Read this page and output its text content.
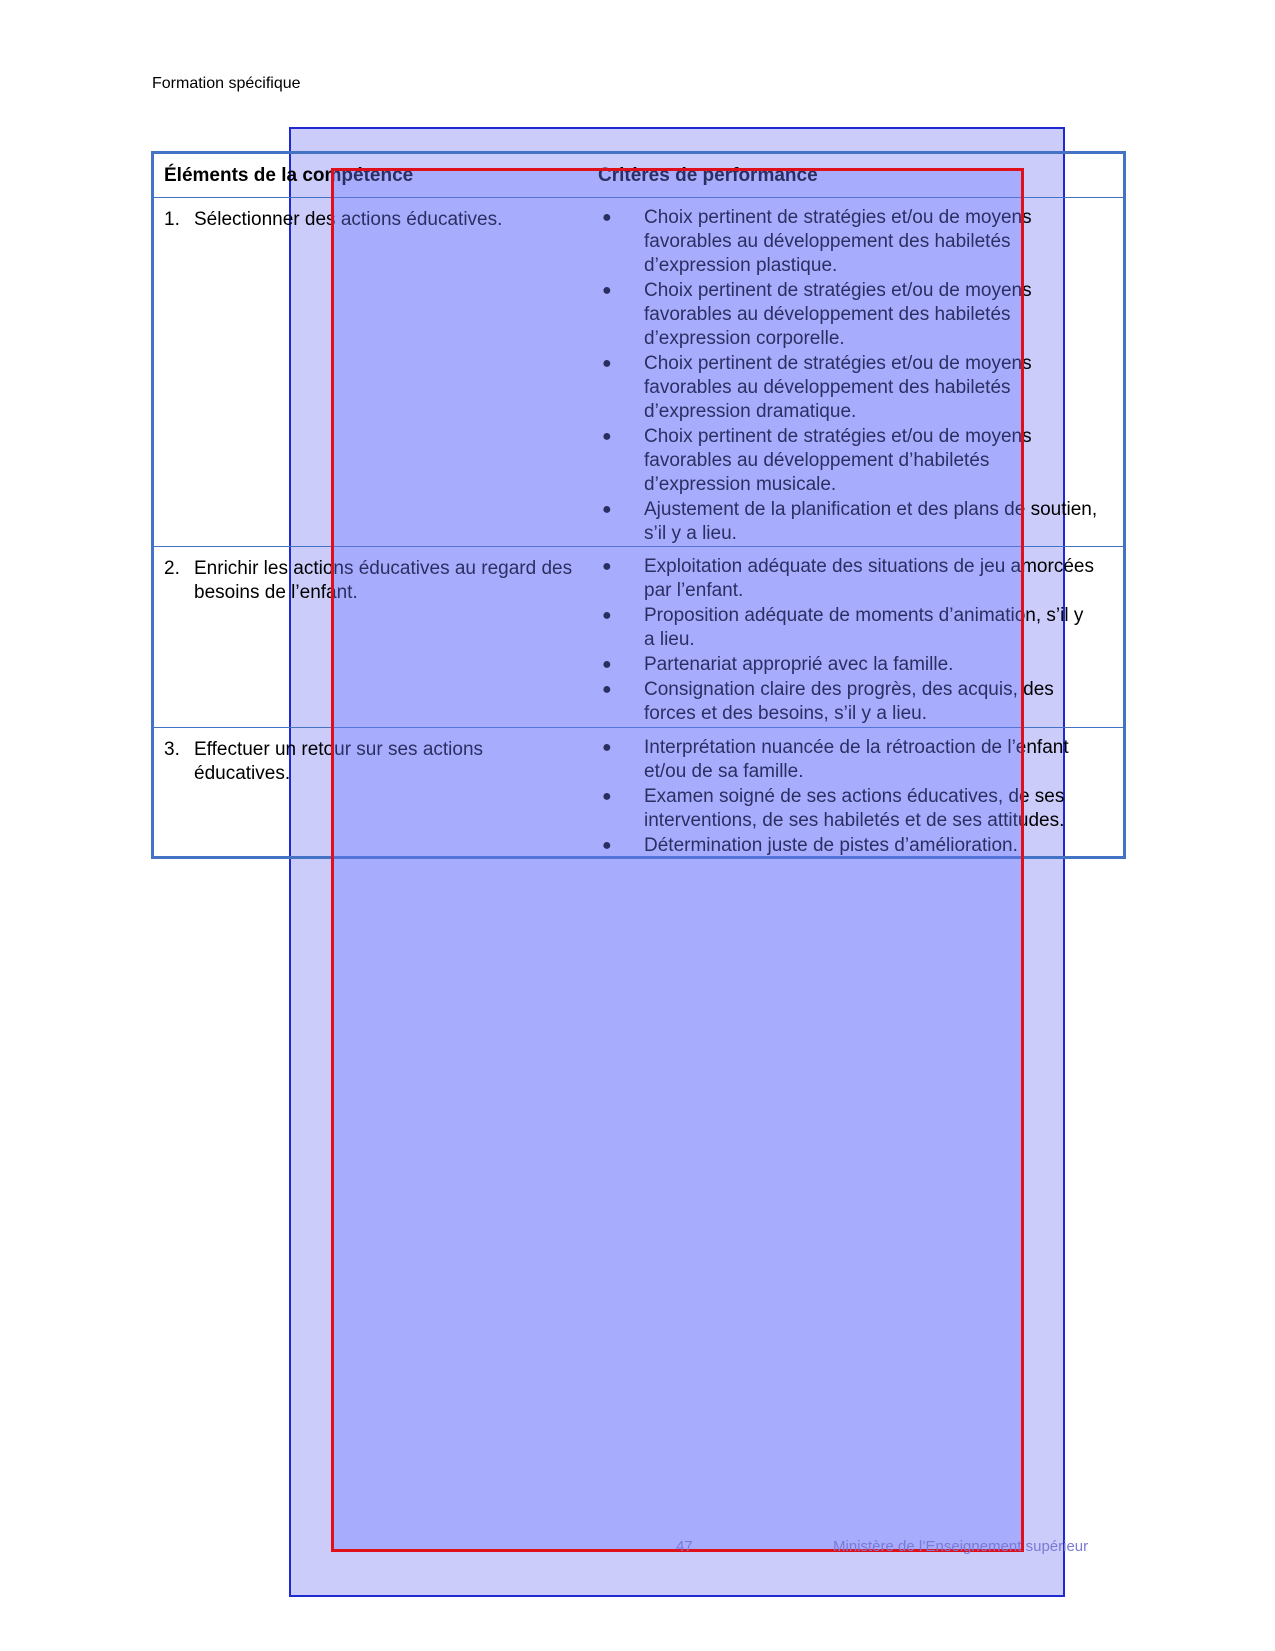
Formation spécifique
Éléments de la compétence	Critères de performance
1. Sélectionner des actions éducatives.	● Choix pertinent de stratégies et/ou de moyens favorables au développement des habiletés d’expression plastique.
● Choix pertinent de stratégies et/ou de moyens favorables au développement des habiletés d’expression corporelle.
● Choix pertinent de stratégies et/ou de moyens favorables au développement des habiletés d’expression dramatique.
● Choix pertinent de stratégies et/ou de moyens favorables au développement d’habiletés d’expression musicale.
● Ajustement de la planification et des plans de soutien, s’il y a lieu.
2. Enrichir les actions éducatives au regard des besoins de l’enfant.
● Exploitation adéquate des situations de jeu amorcées par l’enfant.
● Proposition adéquate de moments d’animation, s’il y a lieu.
● Partenariat approprié avec la famille.
● Consignation claire des progrès, des acquis, des forces et des besoins, s’il y a lieu.
3. Effectuer un retour sur ses actions éducatives.
● Interprétation nuancée de la rétroaction de l’enfant et/ou de sa famille.
● Examen soigné de ses actions éducatives, de ses interventions, de ses habiletés et de ses attitudes.
● Détermination juste de pistes d’amélioration.
47	Ministère de l’Enseignement supérieur
